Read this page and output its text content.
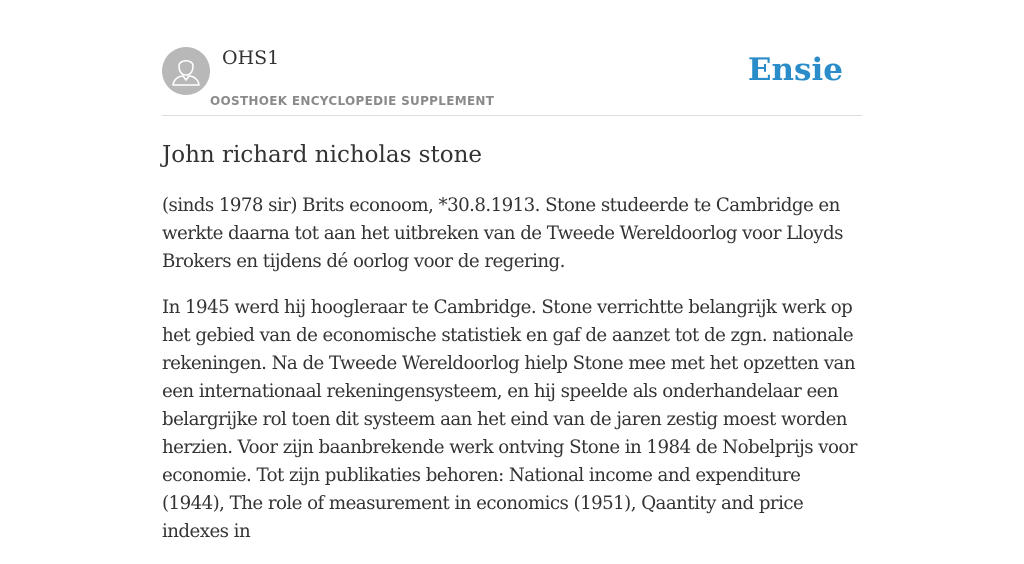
OHS1
OOSTHOEK ENCYCLOPEDIE SUPPLEMENT
Ensie
John richard nicholas stone

(sinds 1978 sir) Brits econoom, *30.8.1913. Stone studeerde te Cambridge en werkte daarna tot aan het uitbreken van de Tweede Wereldoorlog voor Lloyds Brokers en tijdens dé oorlog voor de regering.

In 1945 werd hij hoogleraar te Cambridge. Stone verrichtte belangrijk werk op het gebied van de economische statistiek en gaf de aanzet tot de zgn. nationale rekeningen. Na de Tweede Wereldoorlog hielp Stone mee met het opzetten van een internationaal rekeningensysteem, en hij speelde als onderhandelaar een belargrijke rol toen dit systeem aan het eind van de jaren zestig moest worden herzien. Voor zijn baanbrekende werk ontving Stone in 1984 de Nobelprijs voor economie. Tot zijn publikaties behoren: National income and expenditure (1944), The role of measurement in economics (1951), Qaantity and price indexes in
